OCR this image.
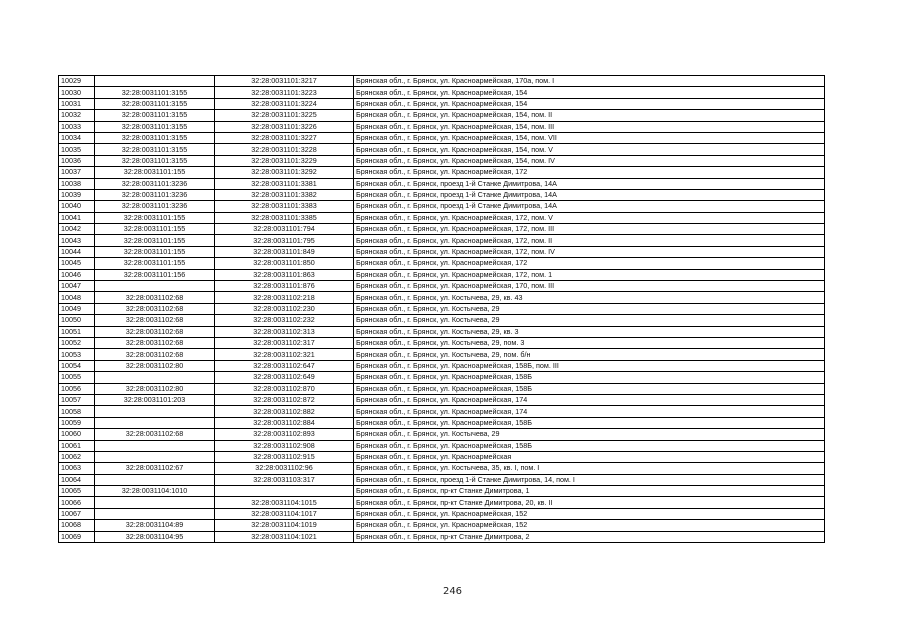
10029		32:28:0031101:3217	Брянская обл., г. Брянск, ул. Красноармейская, 170а, пом. I
10030	32:28:0031101:3155	32:28:0031101:3223	Брянская обл., г. Брянск, ул. Красноармейская, 154
10031	32:28:0031101:3155	32:28:0031101:3224	Брянская обл., г. Брянск, ул. Красноармейская, 154
10032	32:28:0031101:3155	32:28:0031101:3225	Брянская обл., г. Брянск, ул. Красноармейская, 154, пом. II
10033	32:28:0031101:3155	32:28:0031101:3226	Брянская обл., г. Брянск, ул. Красноармейская, 154, пом. III
10034	32:28:0031101:3155	32:28:0031101:3227	Брянская обл., г. Брянск, ул. Красноармейская, 154, пом. VII
10035	32:28:0031101:3155	32:28:0031101:3228	Брянская обл., г. Брянск, ул. Красноармейская, 154, пом. V
10036	32:28:0031101:3155	32:28:0031101:3229	Брянская обл., г. Брянск, ул. Красноармейская, 154, пом. IV
10037	32:28:0031101:155	32:28:0031101:3292	Брянская обл., г. Брянск, ул. Красноармейская, 172
10038	32:28:0031101:3236	32:28:0031101:3381	Брянская обл., г. Брянск, проезд 1-й Станке Димитрова, 14А
10039	32:28:0031101:3236	32:28:0031101:3382	Брянская обл., г. Брянск, проезд 1-й Станке Димитрова, 14А
10040	32:28:0031101:3236	32:28:0031101:3383	Брянская обл., г. Брянск, проезд 1-й Станке Димитрова, 14А
10041	32:28:0031101:155	32:28:0031101:3385	Брянская обл., г. Брянск, ул. Красноармейская, 172, пом. V
10042	32:28:0031101:155	32:28:0031101:794	Брянская обл., г. Брянск, ул. Красноармейская, 172, пом. III
10043	32:28:0031101:155	32:28:0031101:795	Брянская обл., г. Брянск, ул. Красноармейская, 172, пом. II
10044	32:28:0031101:155	32:28:0031101:849	Брянская обл., г. Брянск, ул. Красноармейская, 172, пом. IV
10045	32:28:0031101:155	32:28:0031101:850	Брянская обл., г. Брянск, ул. Красноармейская, 172
10046	32:28:0031101:156	32:28:0031101:863	Брянская обл., г. Брянск, ул. Красноармейская, 172, пом. 1
10047		32:28:0031101:876	Брянская обл., г. Брянск, ул. Красноармейская, 170, пом. III
10048	32:28:0031102:68	32:28:0031102:218	Брянская обл., г. Брянск, ул. Костычева, 29, кв. 43
10049	32:28:0031102:68	32:28:0031102:230	Брянская обл., г. Брянск, ул. Костычева, 29
10050	32:28:0031102:68	32:28:0031102:232	Брянская обл., г. Брянск, ул. Костычева, 29
10051	32:28:0031102:68	32:28:0031102:313	Брянская обл., г. Брянск, ул. Костычева, 29, кв. 3
10052	32:28:0031102:68	32:28:0031102:317	Брянская обл., г. Брянск, ул. Костычева, 29, пом. 3
10053	32:28:0031102:68	32:28:0031102:321	Брянская обл., г. Брянск, ул. Костычева, 29, пом. б/н
10054	32:28:0031102:80	32:28:0031102:647	Брянская обл., г. Брянск, ул. Красноармейская, 158Б, пом. III
10055		32:28:0031102:649	Брянская обл., г. Брянск, ул. Красноармейская, 158Б
10056	32:28:0031102:80	32:28:0031102:870	Брянская обл., г. Брянск, ул. Красноармейская, 158Б
10057	32:28:0031101:203	32:28:0031102:872	Брянская обл., г. Брянск, ул. Красноармейская, 174
10058		32:28:0031102:882	Брянская обл., г. Брянск, ул. Красноармейская, 174
10059		32:28:0031102:884	Брянская обл., г. Брянск, ул. Красноармейская, 158Б
10060	32:28:0031102:68	32:28:0031102:893	Брянская обл., г. Брянск, ул. Костычева, 29
10061		32:28:0031102:908	Брянская обл., г. Брянск, ул. Красноармейская, 158Б
10062		32:28:0031102:915	Брянская обл., г. Брянск, ул. Красноармейская
10063	32:28:0031102:67	32:28:0031102:96	Брянская обл., г. Брянск, ул. Костычева, 35, кв. I, пом. I
10064		32:28:0031103:317	Брянская обл., г. Брянск, проезд 1-й Станке Димитрова, 14, пом. I
10065	32:28:0031104:1010		Брянская обл., г. Брянск, пр-кт Станке Димитрова, 1
10066		32:28:0031104:1015	Брянская обл., г. Брянск, пр-кт Станке Димитрова, 20, кв. II
10067		32:28:0031104:1017	Брянская обл., г. Брянск, ул. Красноармейская, 152
10068	32:28:0031104:89	32:28:0031104:1019	Брянская обл., г. Брянск, ул. Красноармейская, 152
10069	32:28:0031104:95	32:28:0031104:1021	Брянская обл., г. Брянск, пр-кт Станке Димитрова, 2
246
